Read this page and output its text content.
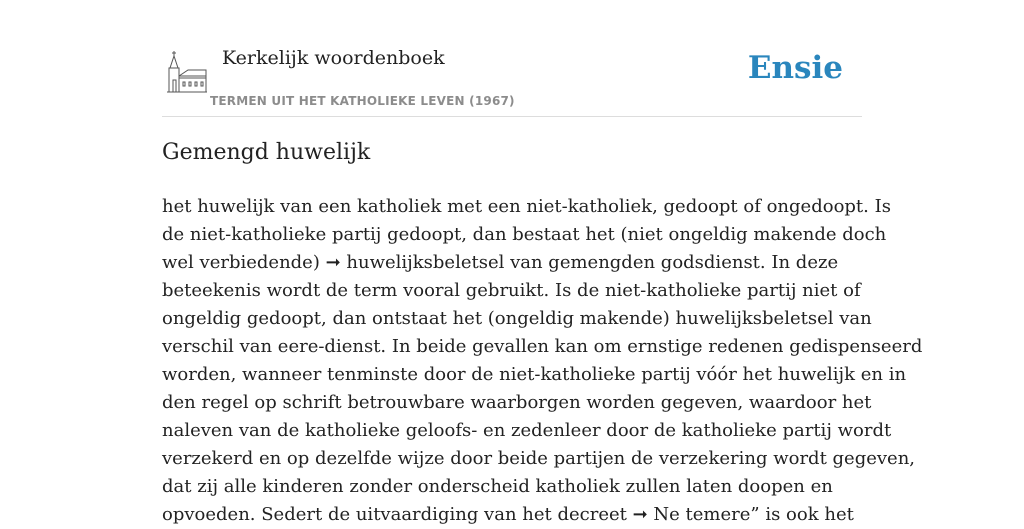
Kerkelijk woordenboek
TERMEN UIT HET KATHOLIEKE LEVEN (1967)
Ensie
Gemengd huwelijk
het huwelijk van een katholiek met een niet-katholiek, gedoopt of ongedoopt. Is
de niet-katholieke partij gedoopt, dan bestaat het (niet ongeldig makende doch
wel verbiedende) ➞ huwelijksbeletsel van gemengden godsdienst. In deze
beteekenis wordt de term vooral gebruikt. Is de niet-katholieke partij niet of
ongeldig gedoopt, dan ontstaat het (ongeldig makende) huwelijksbeletsel van
verschil van eere-dienst. In beide gevallen kan om ernstige redenen gedispenseerd
worden, wanneer tenminste door de niet-katholieke partij vóór het huwelijk en in
den regel op schrift betrouwbare waarborgen worden gegeven, waardoor het
naleven van de katholieke geloofs- en zedenleer door de katholieke partij wordt
verzekerd en op dezelfde wijze door beide partijen de verzekering wordt gegeven,
dat zij alle kinderen zonder onderscheid katholiek zullen laten doopen en
opvoeden. Sedert de uitvaardiging van het decreet ➞ Ne temere” is ook het
